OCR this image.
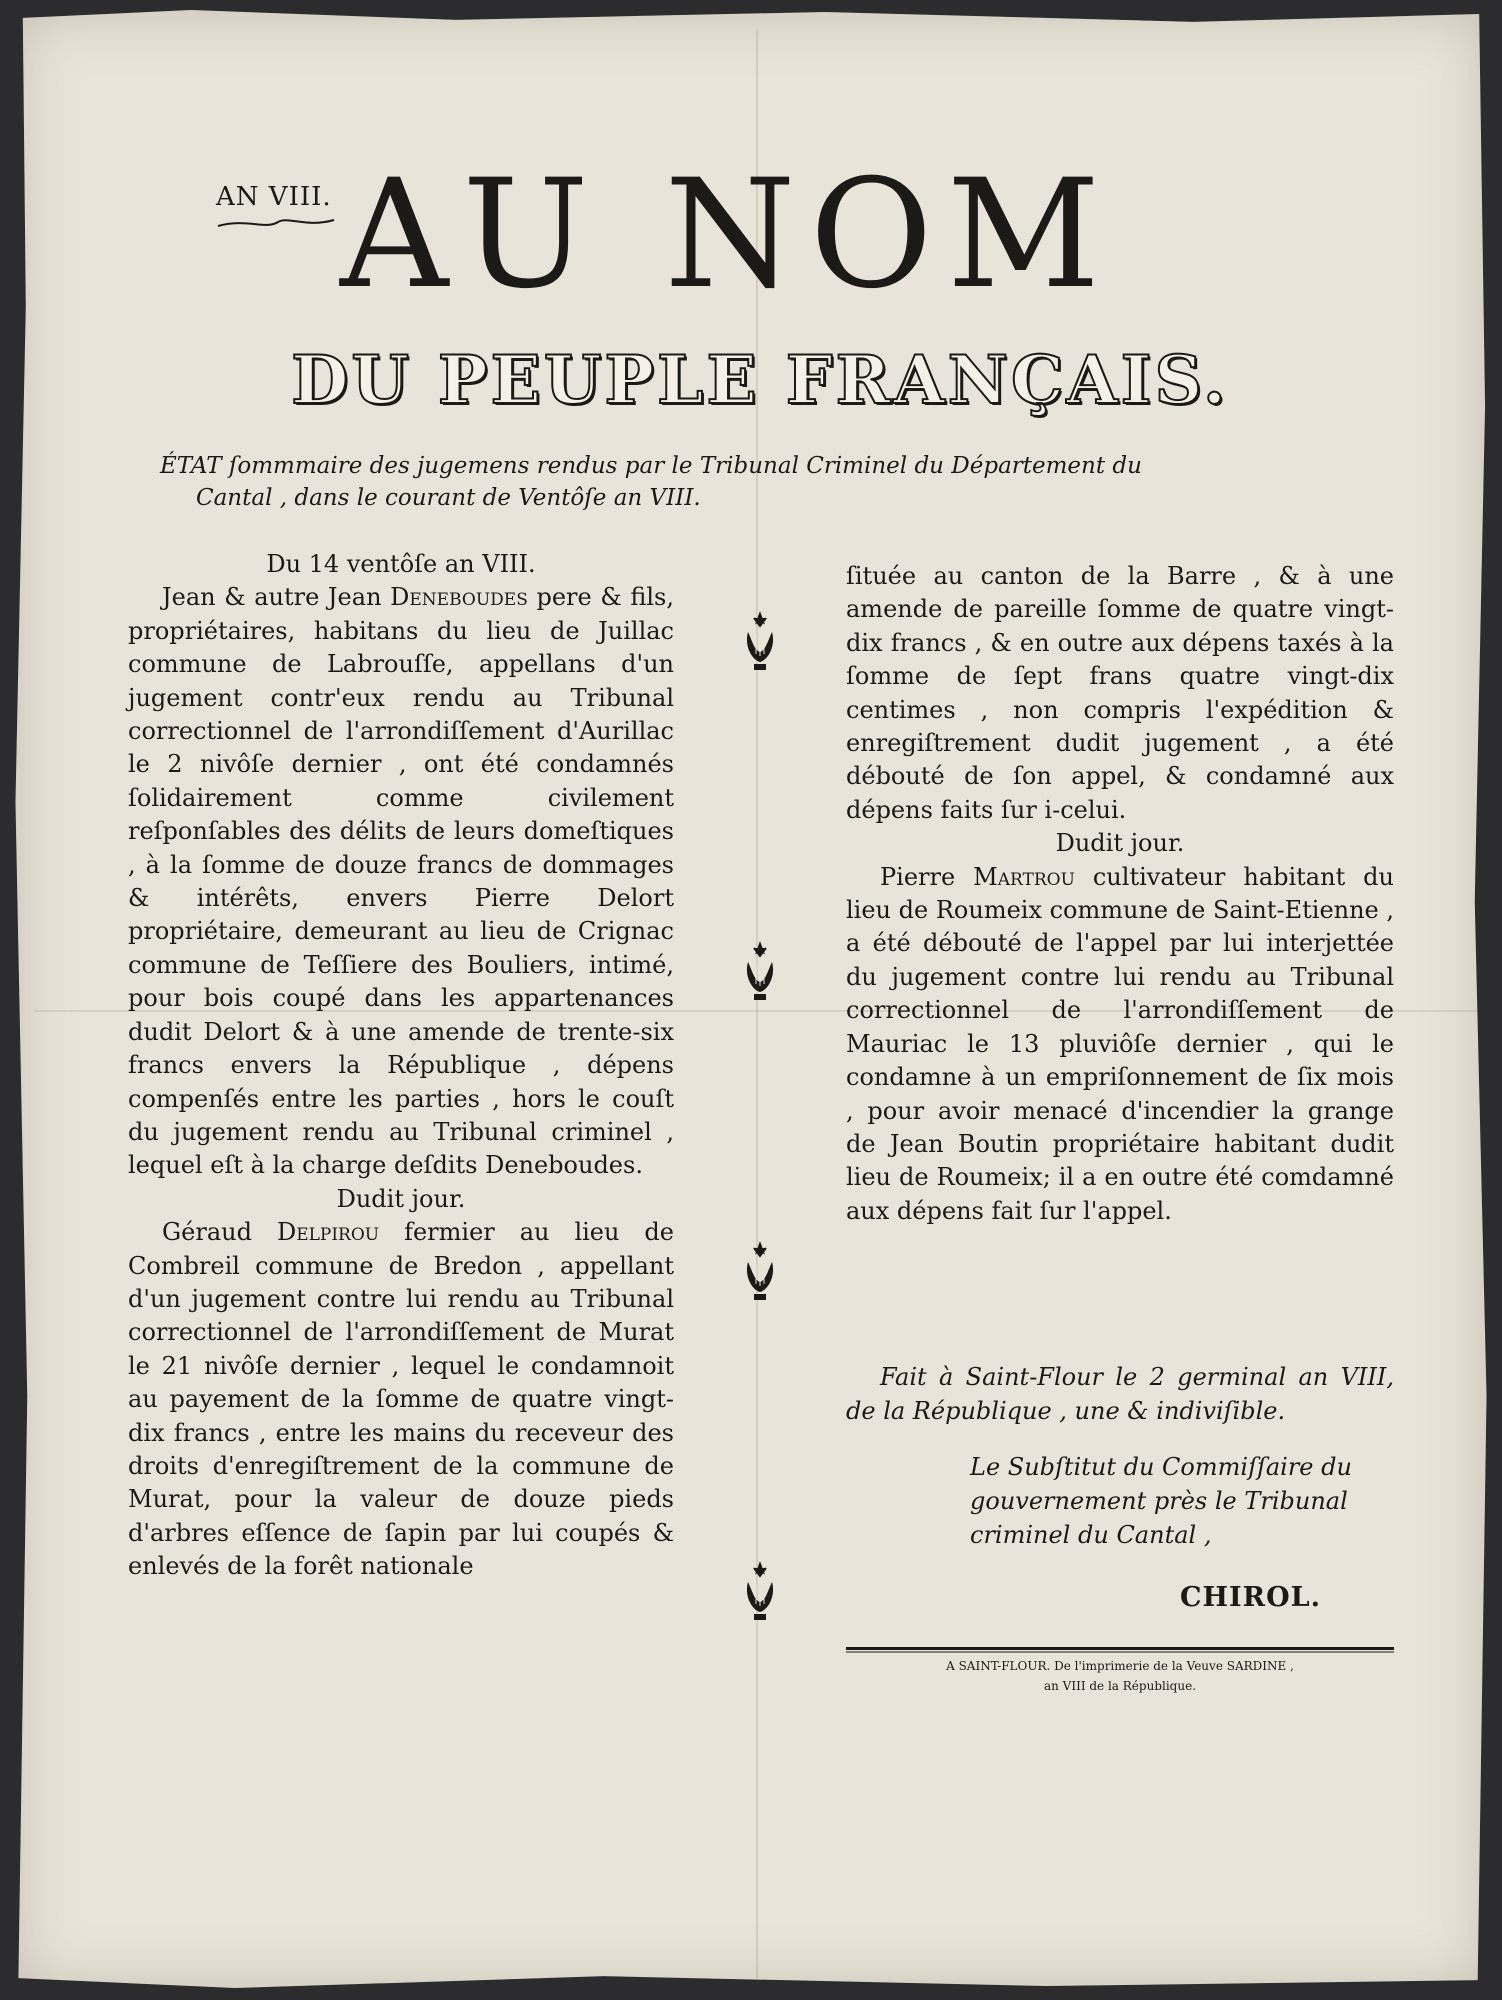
AN VIII. AU NOM
DU PEUPLE FRANÇAIS.
ÉTAT ſommmaire des jugemens rendus par le Tribunal Criminel du Département du
Cantal , dans le courant de Ventôſe an VIII.

Du 14 ventôſe an VIII.

Jean & autre Jean Deneboudes pere & fils, propriétaires, habitans du lieu de Juillac commune de Labrouſſe, appellans d'un jugement contr'eux rendu au Tribunal correctionnel de l'arrondiſſement d'Aurillac le 2 nivôſe dernier , ont été condamnés ſolidairement comme civilement reſponſables des délits de leurs domeſtiques , à la ſomme de douze francs de dommages & intérêts, envers Pierre Delort propriétaire, demeurant au lieu de Crignac commune de Teſſiere des Bouliers, intimé, pour bois coupé dans les appartenances dudit Delort & à une amende de trente-six francs envers la République , dépens compenſés entre les parties , hors le couſt du jugement rendu au Tribunal criminel , lequel eſt à la charge deſdits Deneboudes.

Dudit jour.

Géraud Delpirou fermier au lieu de Combreil commune de Bredon , appellant d'un jugement contre lui rendu au Tribunal correctionnel de l'arrondiſſement de Murat le 21 nivôſe dernier , lequel le condamnoit au payement de la ſomme de quatre vingt-dix francs , entre les mains du receveur des droits d'enregiſtrement de la commune de Murat, pour la valeur de douze pieds d'arbres eſſence de ſapin par lui coupés & enlevés de la forêt nationale

ſituée au canton de la Barre , & à une amende de pareille ſomme de quatre vingt-dix francs , & en outre aux dépens taxés à la ſomme de ſept frans quatre vingt-dix centimes , non compris l'expédition & enregiſtrement dudit jugement , a été débouté de ſon appel, & condamné aux dépens faits ſur i-celui.

Dudit jour.

Pierre Martrou cultivateur habitant du lieu de Roumeix commune de Saint-Etienne , a été débouté de l'appel par lui interjettée du jugement contre lui rendu au Tribunal correctionnel de l'arrondiſſement de Mauriac le 13 pluviôſe dernier , qui le condamne à un empriſonnement de ſix mois , pour avoir menacé d'incendier la grange de Jean Boutin propriétaire habitant dudit lieu de Roumeix; il a en outre été comdamné aux dépens fait ſur l'appel.

Fait à Saint-Flour le 2 germinal an VIII, de la République , une & indiviſible.
Le Subſtitut du Commiſſaire du gouvernement près le Tribunal criminel du Cantal ,
CHIROL.
A SAINT-FLOUR. De l'imprimerie de la Veuve SARDINE ,
an VIII de la République.
